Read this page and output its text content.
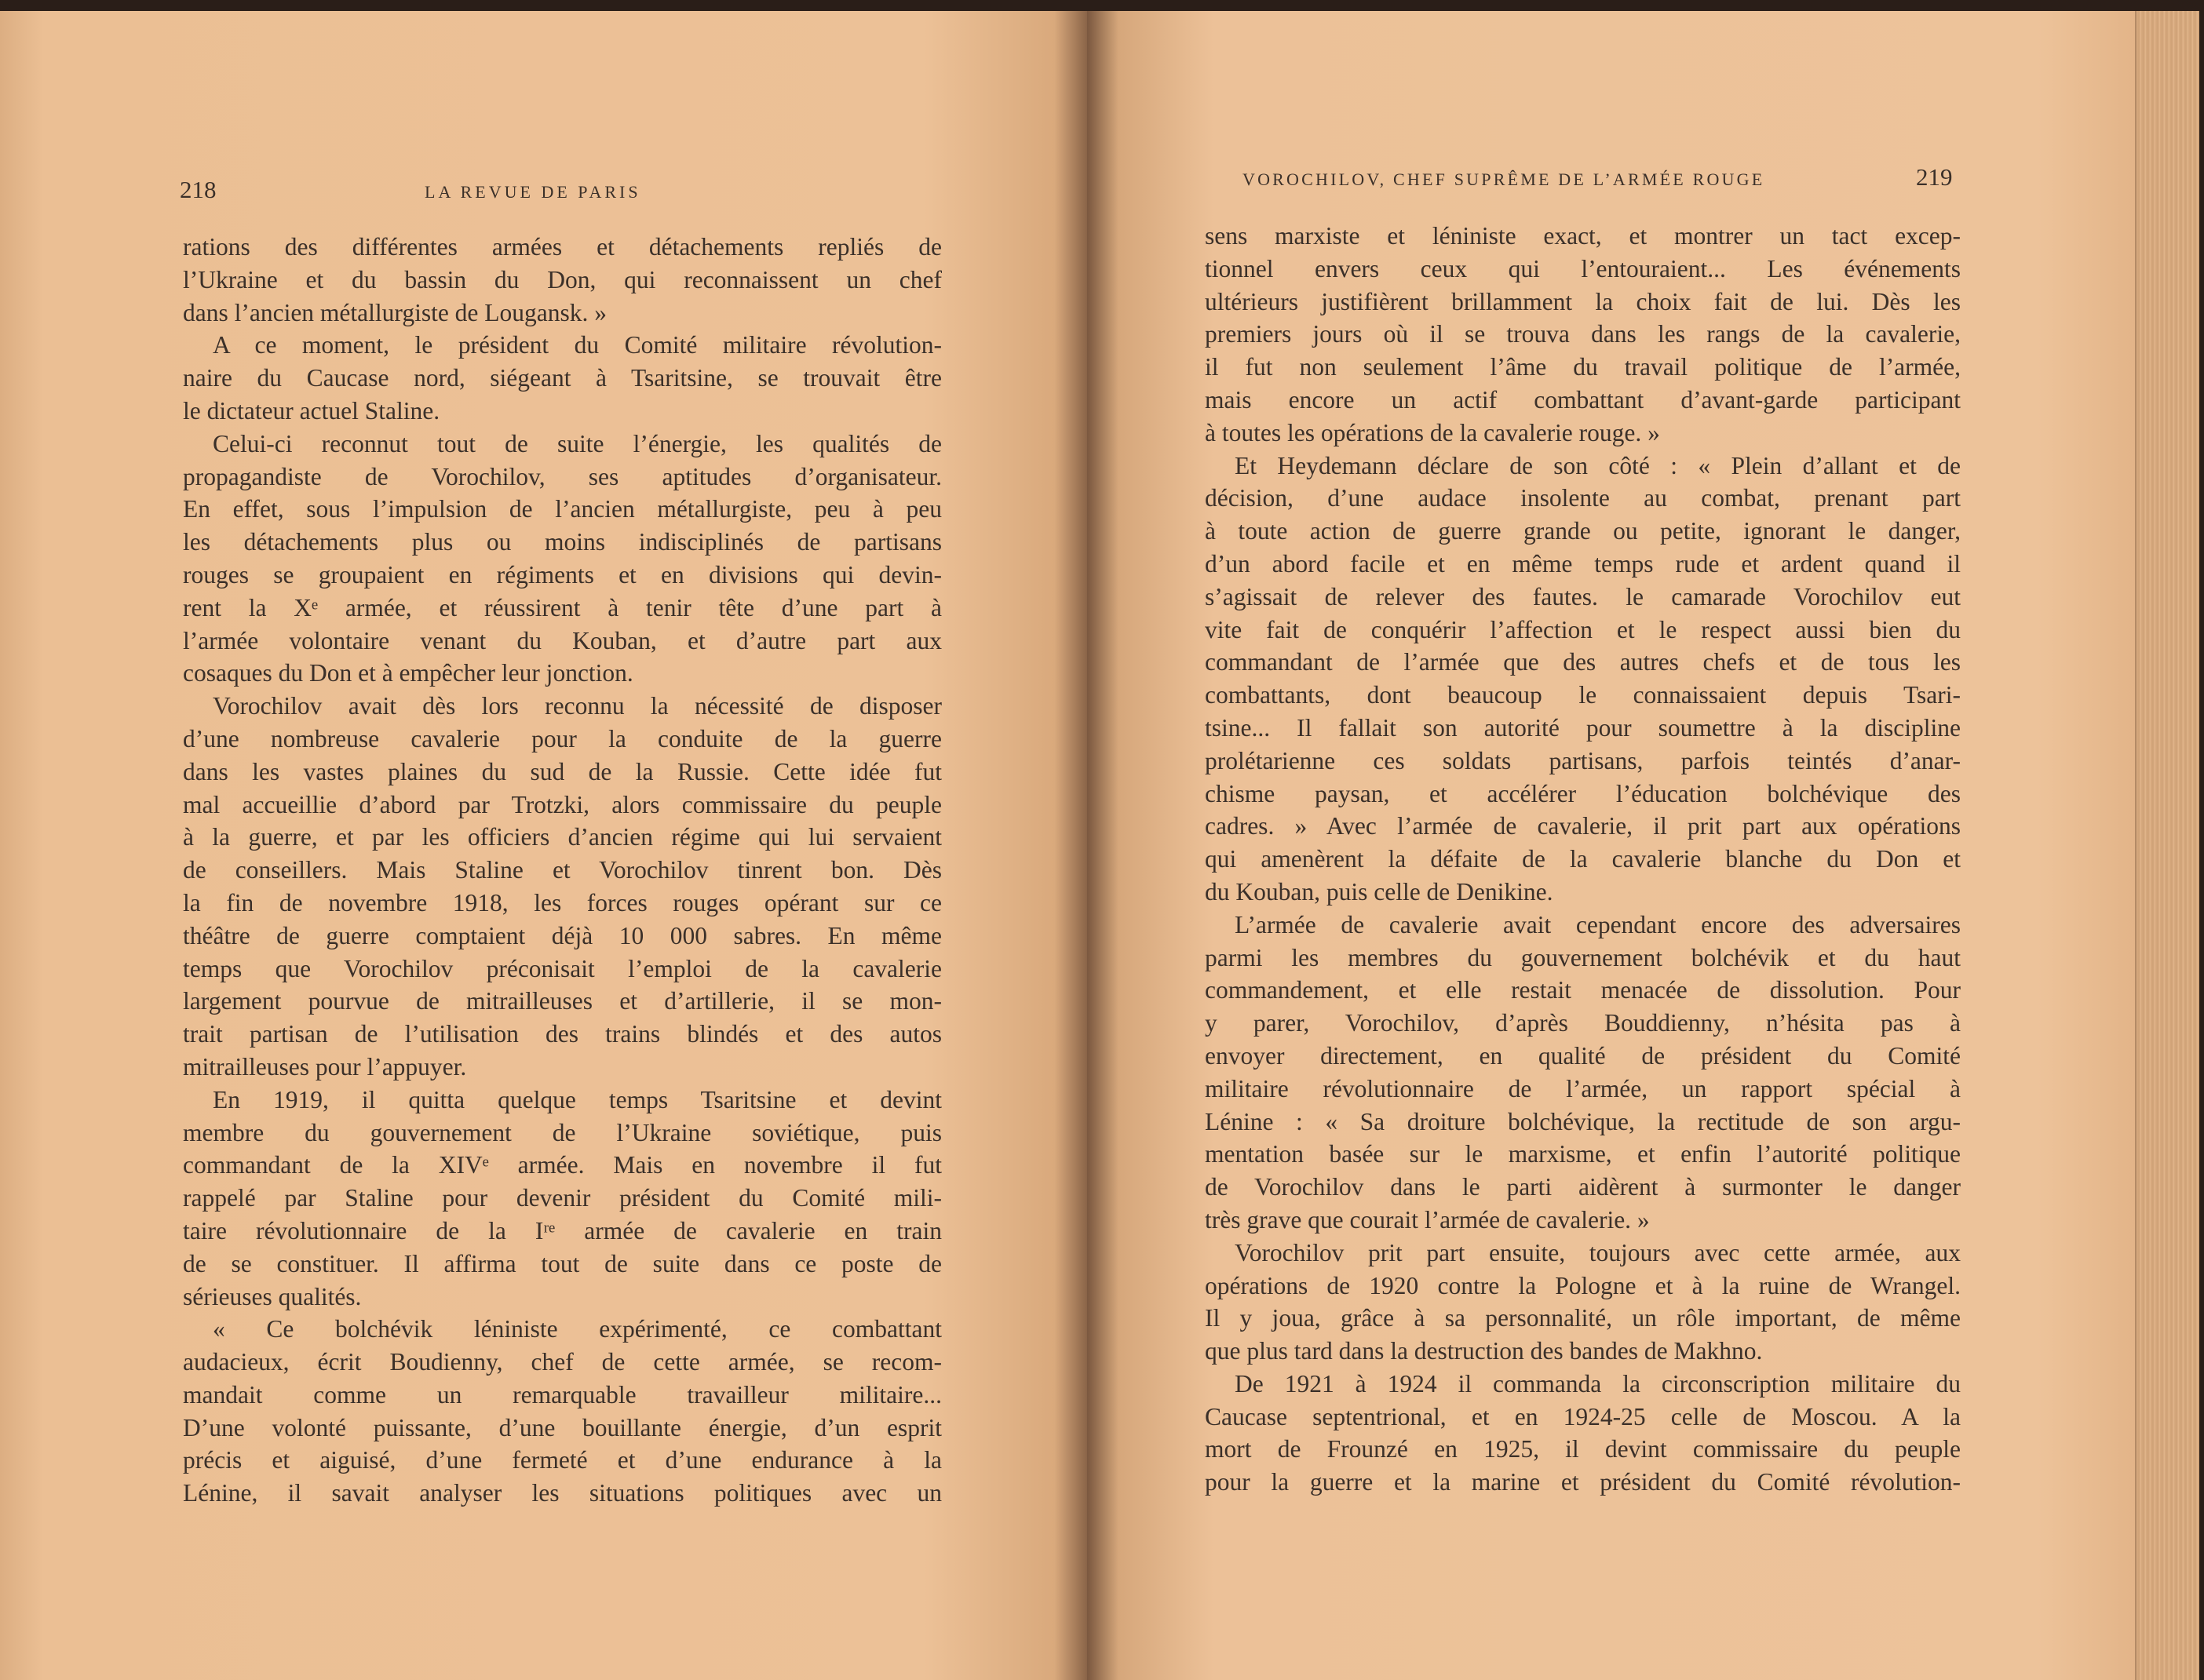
218	LA REVUE DE PARIS
rations des différentes armées et détachements repliés de
l’Ukraine et du bassin du Don, qui reconnaissent un chef
dans l’ancien métallurgiste de Lougansk. »
A ce moment, le président du Comité militaire révolution-
naire du Caucase nord, siégeant à Tsaritsine, se trouvait être
le dictateur actuel Staline.
Celui-ci reconnut tout de suite l’énergie, les qualités de
propagandiste de Vorochilov, ses aptitudes d’organisateur.
En effet, sous l’impulsion de l’ancien métallurgiste, peu à peu
les détachements plus ou moins indisciplinés de partisans
rouges se groupaient en régiments et en divisions qui devin-
rent la Xᵉ armée, et réussirent à tenir tête d’une part à
l’armée volontaire venant du Kouban, et d’autre part aux
cosaques du Don et à empêcher leur jonction.
Vorochilov avait dès lors reconnu la nécessité de disposer
d’une nombreuse cavalerie pour la conduite de la guerre
dans les vastes plaines du sud de la Russie. Cette idée fut
mal accueillie d’abord par Trotzki, alors commissaire du peuple
à la guerre, et par les officiers d’ancien régime qui lui servaient
de conseillers. Mais Staline et Vorochilov tinrent bon. Dès
la fin de novembre 1918, les forces rouges opérant sur ce
théâtre de guerre comptaient déjà 10 000 sabres. En même
temps que Vorochilov préconisait l’emploi de la cavalerie
largement pourvue de mitrailleuses et d’artillerie, il se mon-
trait partisan de l’utilisation des trains blindés et des autos
mitrailleuses pour l’appuyer.
En 1919, il quitta quelque temps Tsaritsine et devint
membre du gouvernement de l’Ukraine soviétique, puis
commandant de la XIVᵉ armée. Mais en novembre il fut
rappelé par Staline pour devenir président du Comité mili-
taire révolutionnaire de la Iʳᵉ armée de cavalerie en train
de se constituer. Il affirma tout de suite dans ce poste de
sérieuses qualités.
« Ce bolchévik léniniste expérimenté, ce combattant
audacieux, écrit Boudienny, chef de cette armée, se recom-
mandait comme un remarquable travailleur militaire...
D’une volonté puissante, d’une bouillante énergie, d’un esprit
précis et aiguisé, d’une fermeté et d’une endurance à la
Lénine, il savait analyser les situations politiques avec un
VOROCHILOV, CHEF SUPRÊME DE L’ARMÉE ROUGE	219
sens marxiste et léniniste exact, et montrer un tact excep-
tionnel envers ceux qui l’entouraient... Les événements
ultérieurs justifièrent brillamment la choix fait de lui. Dès les
premiers jours où il se trouva dans les rangs de la cavalerie,
il fut non seulement l’âme du travail politique de l’armée,
mais encore un actif combattant d’avant-garde participant
à toutes les opérations de la cavalerie rouge. »
Et Heydemann déclare de son côté : « Plein d’allant et de
décision, d’une audace insolente au combat, prenant part
à toute action de guerre grande ou petite, ignorant le danger,
d’un abord facile et en même temps rude et ardent quand il
s’agissait de relever des fautes. le camarade Vorochilov eut
vite fait de conquérir l’affection et le respect aussi bien du
commandant de l’armée que des autres chefs et de tous les
combattants, dont beaucoup le connaissaient depuis Tsari-
tsine... Il fallait son autorité pour soumettre à la discipline
prolétarienne ces soldats partisans, parfois teintés d’anar-
chisme paysan, et accélérer l’éducation bolchévique des
cadres. » Avec l’armée de cavalerie, il prit part aux opérations
qui amenèrent la défaite de la cavalerie blanche du Don et
du Kouban, puis celle de Denikine.
L’armée de cavalerie avait cependant encore des adversaires
parmi les membres du gouvernement bolchévik et du haut
commandement, et elle restait menacée de dissolution. Pour
y parer, Vorochilov, d’après Bouddienny, n’hésita pas à
envoyer directement, en qualité de président du Comité
militaire révolutionnaire de l’armée, un rapport spécial à
Lénine : « Sa droiture bolchévique, la rectitude de son argu-
mentation basée sur le marxisme, et enfin l’autorité politique
de Vorochilov dans le parti aidèrent à surmonter le danger
très grave que courait l’armée de cavalerie. »
Vorochilov prit part ensuite, toujours avec cette armée, aux
opérations de 1920 contre la Pologne et à la ruine de Wrangel.
Il y joua, grâce à sa personnalité, un rôle important, de même
que plus tard dans la destruction des bandes de Makhno.
De 1921 à 1924 il commanda la circonscription militaire du
Caucase septentrional, et en 1924-25 celle de Moscou. A la
mort de Frounzé en 1925, il devint commissaire du peuple
pour la guerre et la marine et président du Comité révolution-
